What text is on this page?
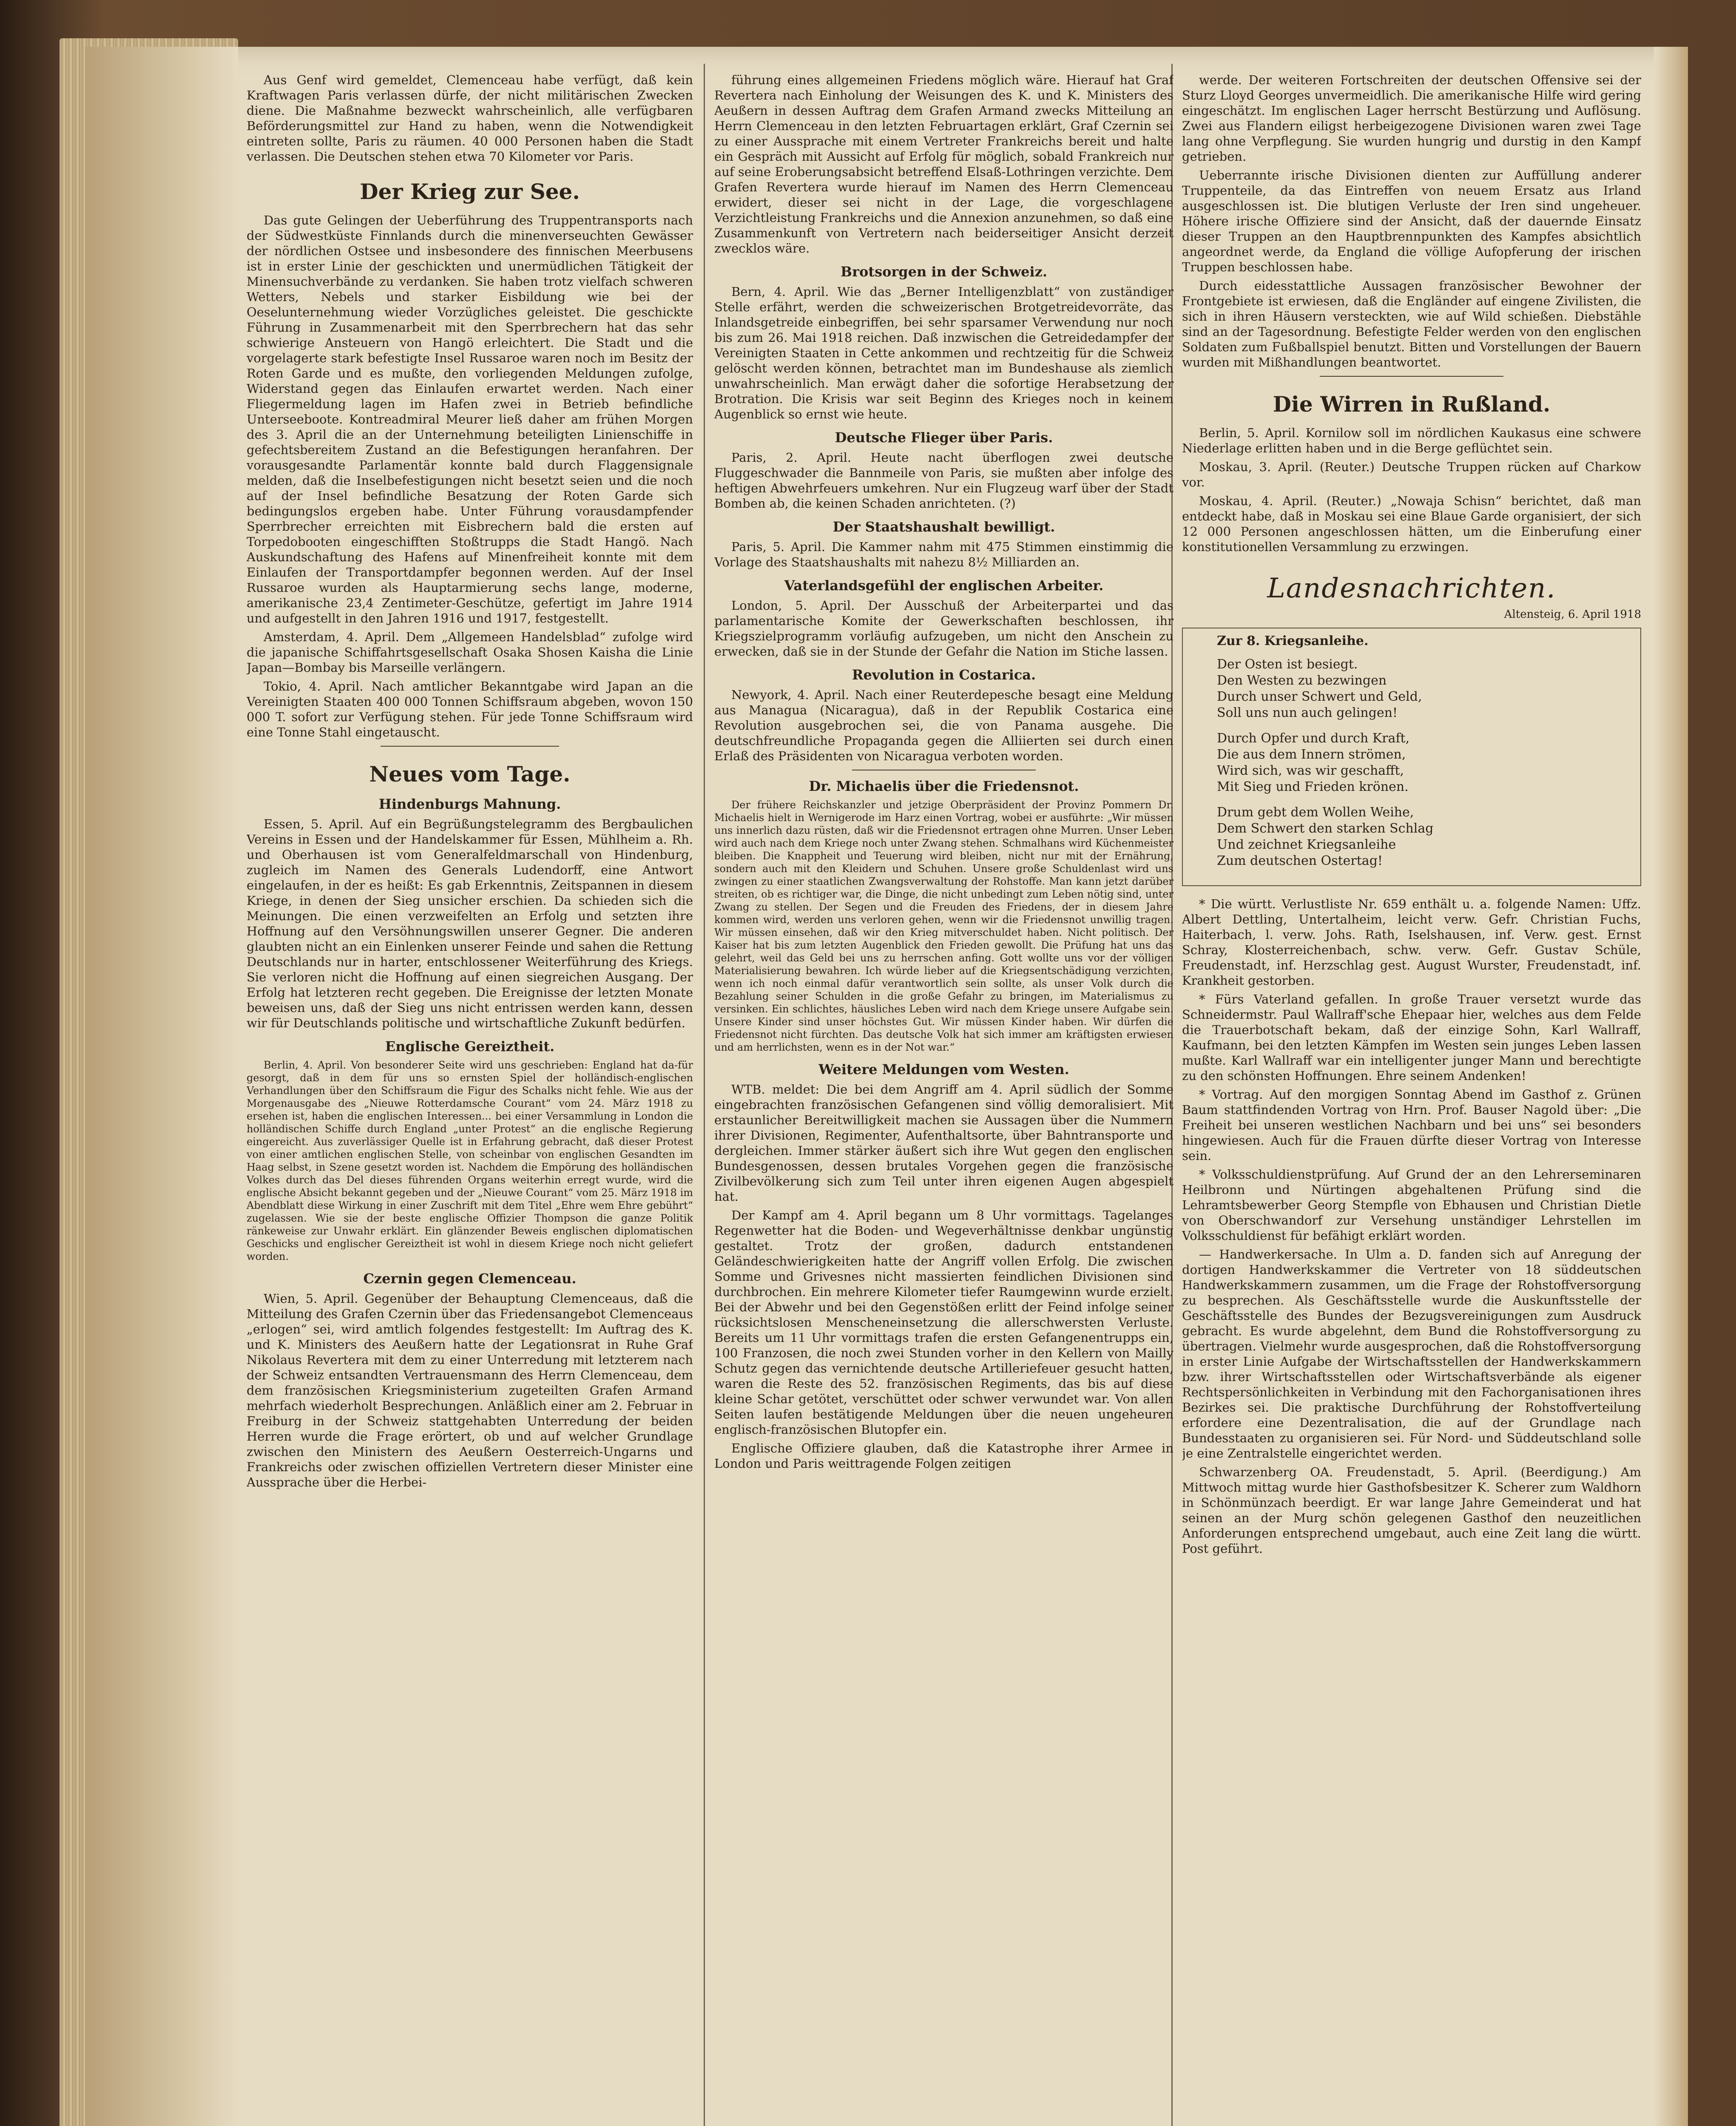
Aus Genf wird gemeldet, Clemenceau habe verfügt, daß kein Kraftwagen Paris verlassen dürfe, der nicht militärischen Zwecken diene. Die Maßnahme bezweckt wahrscheinlich, alle verfügbaren Beförderungsmittel zur Hand zu haben, wenn die Notwendigkeit eintreten sollte, Paris zu räumen. 40 000 Personen haben die Stadt verlassen. Die Deutschen stehen etwa 70 Kilometer vor Paris.

Der Krieg zur See.

Das gute Gelingen der Ueberführung des Truppentransports nach der Südwestküste Finnlands durch die minenverseuchten Gewässer der nördlichen Ostsee und insbesondere des finnischen Meerbusens ist in erster Linie der geschickten und unermüdlichen Tätigkeit der Minensuchverbände zu verdanken. Sie haben trotz vielfach schweren Wetters, Nebels und starker Eisbildung wie bei der Oeselunternehmung wieder Vorzügliches geleistet. Die geschickte Führung in Zusammenarbeit mit den Sperrbrechern hat das sehr schwierige Ansteuern von Hangö erleichtert. Die Stadt und die vorgelagerte stark befestigte Insel Russaroe waren noch im Besitz der Roten Garde und es mußte, den vorliegenden Meldungen zufolge, Widerstand gegen das Einlaufen erwartet werden. Nach einer Fliegermeldung lagen im Hafen zwei in Betrieb befindliche Unterseeboote. Kontreadmiral Meurer ließ daher am frühen Morgen des 3. April die an der Unternehmung beteiligten Linienschiffe in gefechtsbereitem Zustand an die Befestigungen heranfahren. Der vorausgesandte Parlamentär konnte bald durch Flaggensignale melden, daß die Inselbefestigungen nicht besetzt seien und die noch auf der Insel befindliche Besatzung der Roten Garde sich bedingungslos ergeben habe. Unter Führung vorausdampfender Sperrbrecher erreichten mit Eisbrechern bald die ersten auf Torpedobooten eingeschifften Stoßtrupps die Stadt Hangö. Nach Auskundschaftung des Hafens auf Minenfreiheit konnte mit dem Einlaufen der Transportdampfer begonnen werden. Auf der Insel Russaroe wurden als Hauptarmierung sechs lange, moderne, amerikanische 23,4 Zentimeter-Geschütze, gefertigt im Jahre 1914 und aufgestellt in den Jahren 1916 und 1917, festgestellt.

Amsterdam, 4. April. Dem „Allgemeen Handelsblad“ zufolge wird die japanische Schiffahrtsgesellschaft Osaka Shosen Kaisha die Linie Japan—Bombay bis Marseille verlängern.

Tokio, 4. April. Nach amtlicher Bekanntgabe wird Japan an die Vereinigten Staaten 400 000 Tonnen Schiffsraum abgeben, wovon 150 000 T. sofort zur Verfügung stehen. Für jede Tonne Schiffsraum wird eine Tonne Stahl eingetauscht.

Neues vom Tage.
Hindenburgs Mahnung.

Essen, 5. April. Auf ein Begrüßungstelegramm des Bergbaulichen Vereins in Essen und der Handelskammer für Essen, Mühlheim a. Rh. und Oberhausen ist vom Generalfeldmarschall von Hindenburg, zugleich im Namen des Generals Ludendorff, eine Antwort eingelaufen, in der es heißt: Es gab Erkenntnis, Zeitspannen in diesem Kriege, in denen der Sieg unsicher erschien. Da schieden sich die Meinungen. Die einen verzweifelten an Erfolg und setzten ihre Hoffnung auf den Versöhnungswillen unserer Gegner. Die anderen glaubten nicht an ein Einlenken unserer Feinde und sahen die Rettung Deutschlands nur in harter, entschlossener Weiterführung des Kriegs. Sie verloren nicht die Hoffnung auf einen siegreichen Ausgang. Der Erfolg hat letzteren recht gegeben. Die Ereignisse der letzten Monate beweisen uns, daß der Sieg uns nicht entrissen werden kann, dessen wir für Deutschlands politische und wirtschaftliche Zukunft bedürfen.

Englische Gereiztheit.

Berlin, 4. April. Von besonderer Seite wird uns geschrieben: England hat da-für gesorgt, daß in dem für uns so ernsten Spiel der holländisch-englischen Verhandlungen über den Schiffsraum die Figur des Schalks nicht fehle. Wie aus der Morgenausgabe des „Nieuwe Rotterdamsche Courant“ vom 24. März 1918 zu ersehen ist, haben die englischen Interessen... bei einer Versammlung in London die holländischen Schiffe durch England „unter Protest“ an die englische Regierung eingereicht. Aus zuverlässiger Quelle ist in Erfahrung gebracht, daß dieser Protest von einer amtlichen englischen Stelle, von scheinbar von englischen Gesandten im Haag selbst, in Szene gesetzt worden ist. Nachdem die Empörung des holländischen Volkes durch das Del dieses führenden Organs weiterhin erregt wurde, wird die englische Absicht bekannt gegeben und der „Nieuwe Courant“ vom 25. März 1918 im Abendblatt diese Wirkung in einer Zuschrift mit dem Titel „Ehre wem Ehre gebührt“ zugelassen. Wie sie der beste englische Offizier Thompson die ganze Politik ränkeweise zur Unwahr erklärt. Ein glänzender Beweis englischen diplomatischen Geschicks und englischer Gereiztheit ist wohl in diesem Kriege noch nicht geliefert worden.

Czernin gegen Clemenceau.

Wien, 5. April. Gegenüber der Behauptung Clemenceaus, daß die Mitteilung des Grafen Czernin über das Friedensangebot Clemenceaus „erlogen“ sei, wird amtlich folgendes festgestellt: Im Auftrag des K. und K. Ministers des Aeußern hatte der Legationsrat in Ruhe Graf Nikolaus Revertera mit dem zu einer Unterredung mit letzterem nach der Schweiz entsandten Vertrauensmann des Herrn Clemenceau, dem dem französischen Kriegsministerium zugeteilten Grafen Armand mehrfach wiederholt Besprechungen. Anläßlich einer am 2. Februar in Freiburg in der Schweiz stattgehabten Unterredung der beiden Herren wurde die Frage erörtert, ob und auf welcher Grundlage zwischen den Ministern des Aeußern Oesterreich-Ungarns und Frankreichs oder zwischen offiziellen Vertretern dieser Minister eine Aussprache über die Herbei-

führung eines allgemeinen Friedens möglich wäre. Hierauf hat Graf Revertera nach Einholung der Weisungen des K. und K. Ministers des Aeußern in dessen Auftrag dem Grafen Armand zwecks Mitteilung an Herrn Clemenceau in den letzten Februartagen erklärt, Graf Czernin sei zu einer Aussprache mit einem Vertreter Frankreichs bereit und halte ein Gespräch mit Aussicht auf Erfolg für möglich, sobald Frankreich nur auf seine Eroberungsabsicht betreffend Elsaß-Lothringen verzichte. Dem Grafen Revertera wurde hierauf im Namen des Herrn Clemenceau erwidert, dieser sei nicht in der Lage, die vorgeschlagene Verzichtleistung Frankreichs und die Annexion anzunehmen, so daß eine Zusammenkunft von Vertretern nach beiderseitiger Ansicht derzeit zwecklos wäre.

Brotsorgen in der Schweiz.

Bern, 4. April. Wie das „Berner Intelligenzblatt“ von zuständiger Stelle erfährt, werden die schweizerischen Brotgetreidevorräte, das Inlandsgetreide einbegriffen, bei sehr sparsamer Verwendung nur noch bis zum 26. Mai 1918 reichen. Daß inzwischen die Getreidedampfer der Vereinigten Staaten in Cette ankommen und rechtzeitig für die Schweiz gelöscht werden können, betrachtet man im Bundeshause als ziemlich unwahrscheinlich. Man erwägt daher die sofortige Herabsetzung der Brotration. Die Krisis war seit Beginn des Krieges noch in keinem Augenblick so ernst wie heute.

Deutsche Flieger über Paris.

Paris, 2. April. Heute nacht überflogen zwei deutsche Fluggeschwader die Bannmeile von Paris, sie mußten aber infolge des heftigen Abwehrfeuers umkehren. Nur ein Flugzeug warf über der Stadt Bomben ab, die keinen Schaden anrichteten. (?)

Der Staatshaushalt bewilligt.

Paris, 5. April. Die Kammer nahm mit 475 Stimmen einstimmig die Vorlage des Staatshaushalts mit nahezu 8½ Milliarden an.

Vaterlandsgefühl der englischen Arbeiter.

London, 5. April. Der Ausschuß der Arbeiterpartei und das parlamentarische Komite der Gewerkschaften beschlossen, ihr Kriegszielprogramm vorläufig aufzugeben, um nicht den Anschein zu erwecken, daß sie in der Stunde der Gefahr die Nation im Stiche lassen.

Revolution in Costarica.

Newyork, 4. April. Nach einer Reuterdepesche besagt eine Meldung aus Managua (Nicaragua), daß in der Republik Costarica eine Revolution ausgebrochen sei, die von Panama ausgehe. Die deutschfreundliche Propaganda gegen die Alliierten sei durch einen Erlaß des Präsidenten von Nicaragua verboten worden.

Dr. Michaelis über die Friedensnot.

Der frühere Reichskanzler und jetzige Oberpräsident der Provinz Pommern Dr. Michaelis hielt in Wernigerode im Harz einen Vortrag, wobei er ausführte: „Wir müssen uns innerlich dazu rüsten, daß wir die Friedensnot ertragen ohne Murren. Unser Leben wird auch nach dem Kriege noch unter Zwang stehen. Schmalhans wird Küchenmeister bleiben. Die Knappheit und Teuerung wird bleiben, nicht nur mit der Ernährung, sondern auch mit den Kleidern und Schuhen. Unsere große Schuldenlast wird uns zwingen zu einer staatlichen Zwangsverwaltung der Rohstoffe. Man kann jetzt darüber streiten, ob es richtiger war, die Dinge, die nicht unbedingt zum Leben nötig sind, unter Zwang zu stellen. Der Segen und die Freuden des Friedens, der in diesem Jahre kommen wird, werden uns verloren gehen, wenn wir die Friedensnot unwillig tragen. Wir müssen einsehen, daß wir den Krieg mitverschuldet haben. Nicht politisch. Der Kaiser hat bis zum letzten Augenblick den Frieden gewollt. Die Prüfung hat uns das gelehrt, weil das Geld bei uns zu herrschen anfing. Gott wollte uns vor der völligen Materialisierung bewahren. Ich würde lieber auf die Kriegsentschädigung verzichten, wenn ich noch einmal dafür verantwortlich sein sollte, als unser Volk durch die Bezahlung seiner Schulden in die große Gefahr zu bringen, im Materialismus zu versinken. Ein schlichtes, häusliches Leben wird nach dem Kriege unsere Aufgabe sein. Unsere Kinder sind unser höchstes Gut. Wir müssen Kinder haben. Wir dürfen die Friedensnot nicht fürchten. Das deutsche Volk hat sich immer am kräftigsten erwiesen und am herrlichsten, wenn es in der Not war.“

Weitere Meldungen vom Westen.

WTB. meldet: Die bei dem Angriff am 4. April südlich der Somme eingebrachten französischen Gefangenen sind völlig demoralisiert. Mit erstaunlicher Bereitwilligkeit machen sie Aussagen über die Nummern ihrer Divisionen, Regimenter, Aufenthaltsorte, über Bahntransporte und dergleichen. Immer stärker äußert sich ihre Wut gegen den englischen Bundesgenossen, dessen brutales Vorgehen gegen die französische Zivilbevölkerung sich zum Teil unter ihren eigenen Augen abgespielt hat.

Der Kampf am 4. April begann um 8 Uhr vormittags. Tagelanges Regenwetter hat die Boden- und Wegeverhältnisse denkbar ungünstig gestaltet. Trotz der großen, dadurch entstandenen Geländeschwierigkeiten hatte der Angriff vollen Erfolg. Die zwischen Somme und Grivesnes nicht massierten feindlichen Divisionen sind durchbrochen. Ein mehrere Kilometer tiefer Raumgewinn wurde erzielt. Bei der Abwehr und bei den Gegenstößen erlitt der Feind infolge seiner rücksichtslosen Menscheneinsetzung die allerschwersten Verluste. Bereits um 11 Uhr vormittags trafen die ersten Gefangenentrupps ein, 100 Franzosen, die noch zwei Stunden vorher in den Kellern von Mailly Schutz gegen das vernichtende deutsche Artilleriefeuer gesucht hatten, waren die Reste des 52. französischen Regiments, das bis auf diese kleine Schar getötet, verschüttet oder schwer verwundet war. Von allen Seiten laufen bestätigende Meldungen über die neuen ungeheuren englisch-französischen Blutopfer ein.

Englische Offiziere glauben, daß die Katastrophe ihrer Armee in London und Paris weittragende Folgen zeitigen

werde. Der weiteren Fortschreiten der deutschen Offensive sei der Sturz Lloyd Georges unvermeidlich. Die amerikanische Hilfe wird gering eingeschätzt. Im englischen Lager herrscht Bestürzung und Auflösung. Zwei aus Flandern eiligst herbeigezogene Divisionen waren zwei Tage lang ohne Verpflegung. Sie wurden hungrig und durstig in den Kampf getrieben.

Ueberrannte irische Divisionen dienten zur Auffüllung anderer Truppenteile, da das Eintreffen von neuem Ersatz aus Irland ausgeschlossen ist. Die blutigen Verluste der Iren sind ungeheuer. Höhere irische Offiziere sind der Ansicht, daß der dauernde Einsatz dieser Truppen an den Hauptbrennpunkten des Kampfes absichtlich angeordnet werde, da England die völlige Aufopferung der irischen Truppen beschlossen habe.

Durch eidesstattliche Aussagen französischer Bewohner der Frontgebiete ist erwiesen, daß die Engländer auf eingene Zivilisten, die sich in ihren Häusern versteckten, wie auf Wild schießen. Diebstähle sind an der Tagesordnung. Befestigte Felder werden von den englischen Soldaten zum Fußballspiel benutzt. Bitten und Vorstellungen der Bauern wurden mit Mißhandlungen beantwortet.

Die Wirren in Rußland.

Berlin, 5. April. Kornilow soll im nördlichen Kaukasus eine schwere Niederlage erlitten haben und in die Berge geflüchtet sein.

Moskau, 3. April. (Reuter.) Deutsche Truppen rücken auf Charkow vor.

Moskau, 4. April. (Reuter.) „Nowaja Schisn“ berichtet, daß man entdeckt habe, daß in Moskau sei eine Blaue Garde organisiert, der sich 12 000 Personen angeschlossen hätten, um die Einberufung einer konstitutionellen Versammlung zu erzwingen.

Landesnachrichten.
Altensteig, 6. April 1918

Zur 8. Kriegsanleihe.

Der Osten ist besiegt.
Den Westen zu bezwingen
Durch unser Schwert und Geld,
Soll uns nun auch gelingen!
Durch Opfer und durch Kraft,
Die aus dem Innern strömen,
Wird sich, was wir geschafft,
Mit Sieg und Frieden krönen.
Drum gebt dem Wollen Weihe,
Dem Schwert den starken Schlag
Und zeichnet Kriegsanleihe
Zum deutschen Ostertag!

* Die württ. Verlustliste Nr. 659 enthält u. a. folgende Namen: Uffz. Albert Dettling, Untertalheim, leicht verw. Gefr. Christian Fuchs, Haiterbach, l. verw. Johs. Rath, Iselshausen, inf. Verw. gest. Ernst Schray, Klosterreichenbach, schw. verw. Gefr. Gustav Schüle, Freudenstadt, inf. Herzschlag gest. August Wurster, Freudenstadt, inf. Krankheit gestorben.

* Fürs Vaterland gefallen. In große Trauer versetzt wurde das Schneidermstr. Paul Wallraff'sche Ehepaar hier, welches aus dem Felde die Trauerbotschaft bekam, daß der einzige Sohn, Karl Wallraff, Kaufmann, bei den letzten Kämpfen im Westen sein junges Leben lassen mußte. Karl Wallraff war ein intelligenter junger Mann und berechtigte zu den schönsten Hoffnungen. Ehre seinem Andenken!

* Vortrag. Auf den morgigen Sonntag Abend im Gasthof z. Grünen Baum stattfindenden Vortrag von Hrn. Prof. Bauser Nagold über: „Die Freiheit bei unseren westlichen Nachbarn und bei uns“ sei besonders hingewiesen. Auch für die Frauen dürfte dieser Vortrag von Interesse sein.

* Volksschuldienstprüfung. Auf Grund der an den Lehrerseminaren Heilbronn und Nürtingen abgehaltenen Prüfung sind die Lehramtsbewerber Georg Stempfle von Ebhausen und Christian Dietle von Oberschwandorf zur Versehung unständiger Lehrstellen im Volksschuldienst für befähigt erklärt worden.

— Handwerkersache. In Ulm a. D. fanden sich auf Anregung der dortigen Handwerkskammer die Vertreter von 18 süddeutschen Handwerkskammern zusammen, um die Frage der Rohstoffversorgung zu besprechen. Als Geschäftsstelle wurde die Auskunftsstelle der Geschäftsstelle des Bundes der Bezugsvereinigungen zum Ausdruck gebracht. Es wurde abgelehnt, dem Bund die Rohstoffversorgung zu übertragen. Vielmehr wurde ausgesprochen, daß die Rohstoffversorgung in erster Linie Aufgabe der Wirtschaftsstellen der Handwerkskammern bzw. ihrer Wirtschaftsstellen oder Wirtschaftsverbände als eigener Rechtspersönlichkeiten in Verbindung mit den Fachorganisationen ihres Bezirkes sei. Die praktische Durchführung der Rohstoffverteilung erfordere eine Dezentralisation, die auf der Grundlage nach Bundesstaaten zu organisieren sei. Für Nord- und Süddeutschland solle je eine Zentralstelle eingerichtet werden.

Schwarzenberg OA. Freudenstadt, 5. April. (Beerdigung.) Am Mittwoch mittag wurde hier Gasthofsbesitzer K. Scherer zum Waldhorn in Schönmünzach beerdigt. Er war lange Jahre Gemeinderat und hat seinen an der Murg schön gelegenen Gasthof den neuzeitlichen Anforderungen entsprechend umgebaut, auch eine Zeit lang die württ. Post geführt.
